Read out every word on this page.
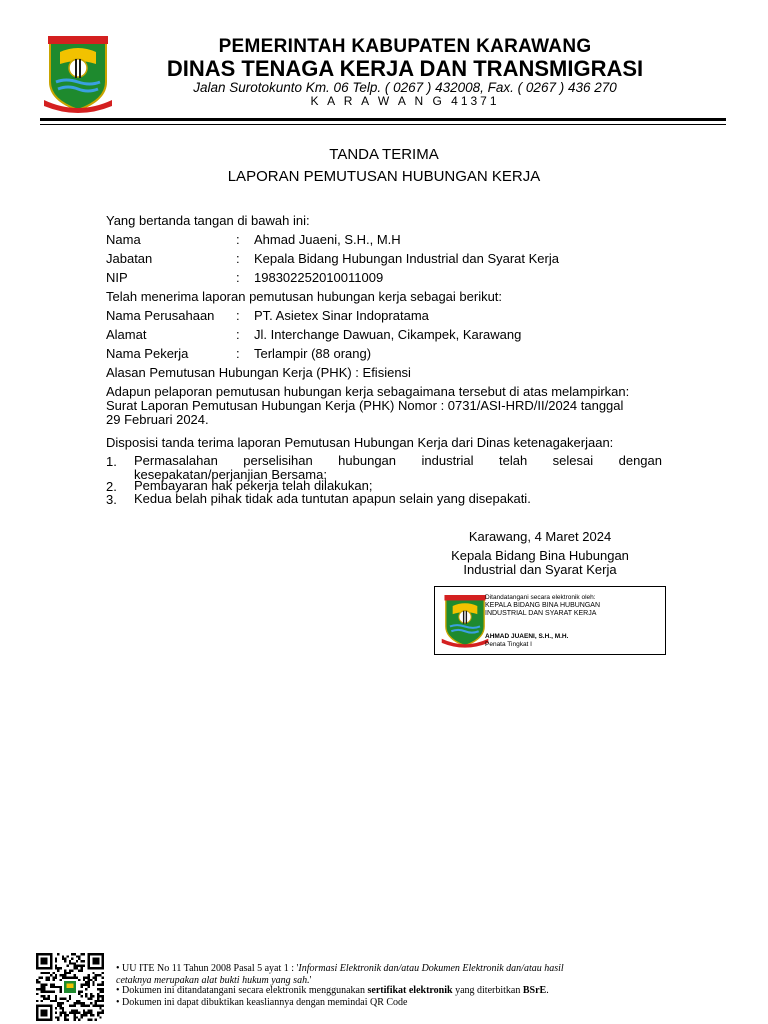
PEMERINTAH KABUPATEN KARAWANG
DINAS TENAGA KERJA DAN TRANSMIGRASI
Jalan Surotokunto Km. 06 Telp. ( 0267 ) 432008, Fax. ( 0267 ) 436 270
K A R A W A N G 41371
TANDA TERIMA
LAPORAN PEMUTUSAN HUBUNGAN KERJA
Yang bertanda tangan di bawah ini:
Nama	: Ahmad Juaeni, S.H., M.H
Jabatan	: Kepala Bidang Hubungan Industrial dan Syarat Kerja
NIP	: 198302252010011009
Telah menerima laporan pemutusan hubungan kerja sebagai berikut:
Nama Perusahaan : PT. Asietex Sinar Indopratama
Alamat	: Jl. Interchange Dawuan, Cikampek, Karawang
Nama Pekerja	: Terlampir (88 orang)
Alasan Pemutusan Hubungan Kerja (PHK) : Efisiensi
Adapun pelaporan pemutusan hubungan kerja sebagaimana tersebut di atas melampirkan:
Surat Laporan Pemutusan Hubungan Kerja (PHK) Nomor : 0731/ASI-HRD/II/2024 tanggal
29 Februari 2024.
Disposisi tanda terima laporan Pemutusan Hubungan Kerja dari Dinas ketenagakerjaan:
1. Permasalahan perselisihan hubungan industrial telah selesai dengan
kesepakatan/perjanjian Bersama;
2. Pembayaran hak pekerja telah dilakukan;
3. Kedua belah pihak tidak ada tuntutan apapun selain yang disepakati.
Karawang, 4 Maret 2024
Kepala Bidang Bina Hubungan
Industrial dan Syarat Kerja
Ditandatangani secara elektronik oleh:
KEPALA BIDANG BINA HUBUNGAN
INDUSTRIAL DAN SYARAT KERJA
AHMAD JUAENI, S.H., M.H.
Penata Tingkat I
• UU ITE No 11 Tahun 2008 Pasal 5 ayat 1 : 'Informasi Elektronik dan/atau Dokumen Elektronik dan/atau hasil
cetaknya merupakan alat bukti hukum yang sah.'
• Dokumen ini ditandatangani secara elektronik menggunakan sertifikat elektronik yang diterbitkan BSrE.
• Dokumen ini dapat dibuktikan keasliannya dengan memindai QR Code
